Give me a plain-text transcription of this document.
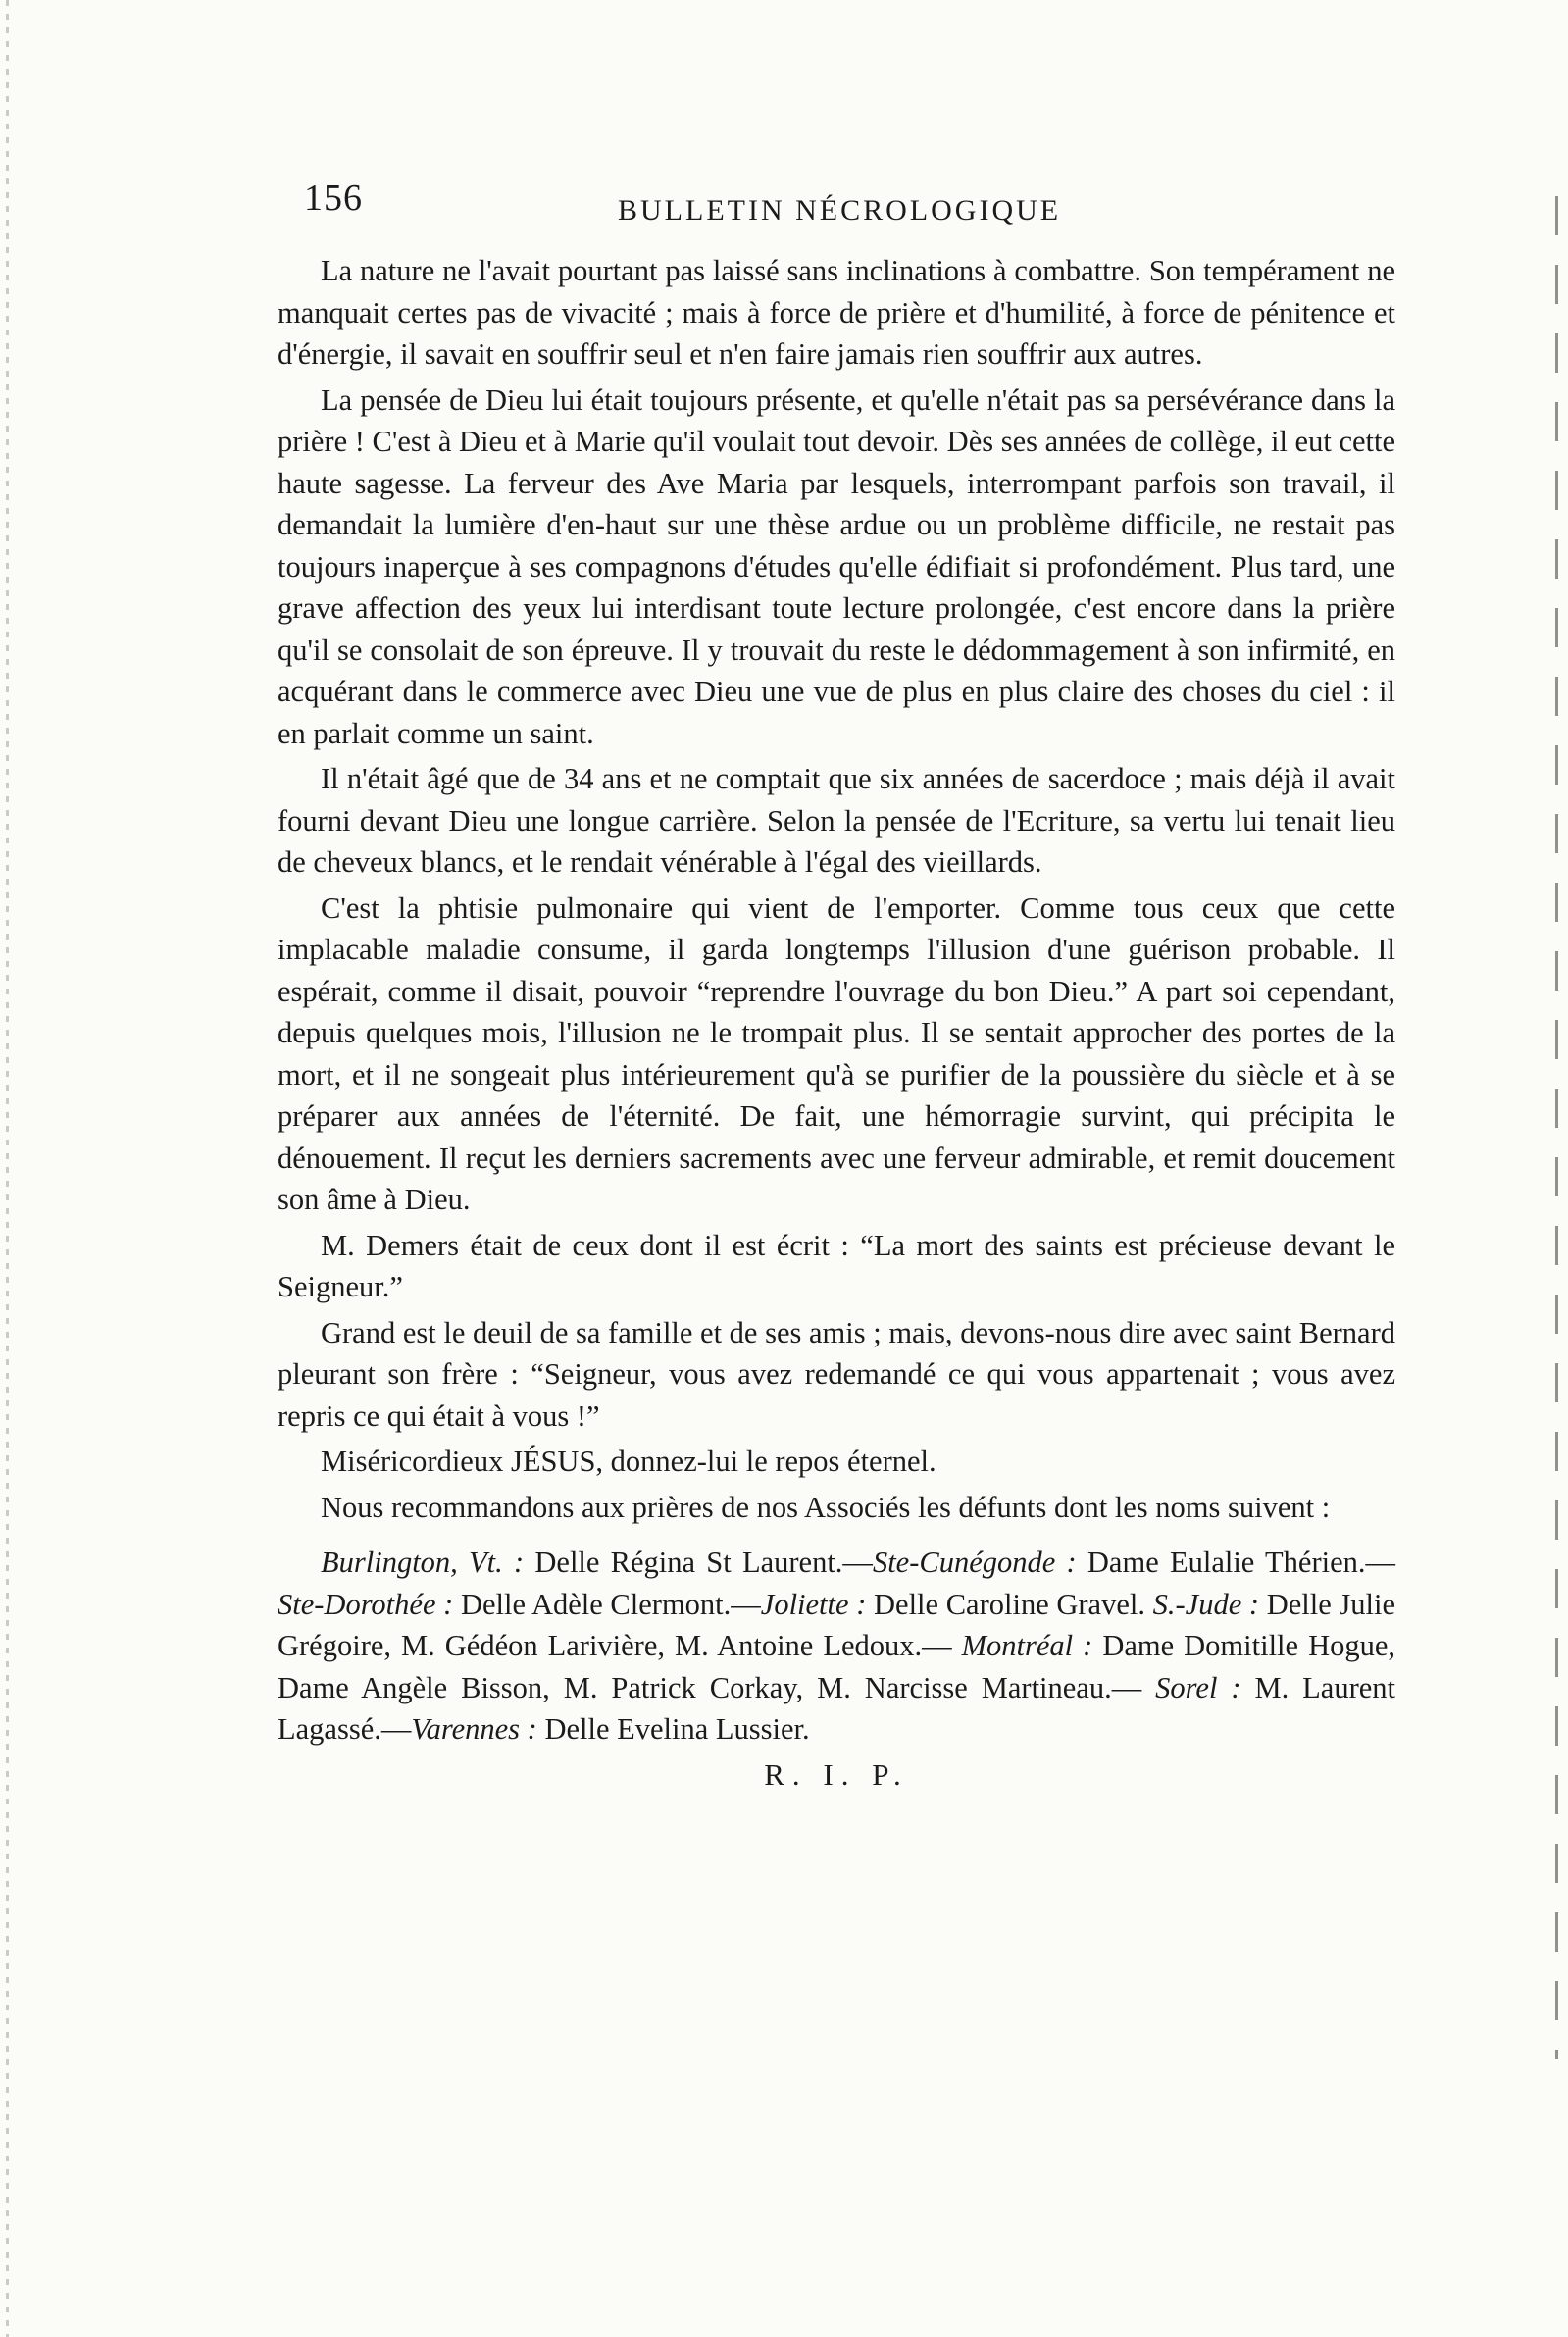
156	BULLETIN NÉCROLOGIQUE

La nature ne l'avait pourtant pas laissé sans inclinations à combattre. Son tempérament ne manquait certes pas de vivacité ; mais à force de prière et d'humilité, à force de pénitence et d'énergie, il savait en souffrir seul et n'en faire jamais rien souffrir aux autres.

La pensée de Dieu lui était toujours présente, et qu'elle n'était pas sa persévérance dans la prière ! C'est à Dieu et à Marie qu'il voulait tout devoir. Dès ses années de collège, il eut cette haute sagesse. La ferveur des Ave Maria par lesquels, interrompant parfois son travail, il demandait la lumière d'en-haut sur une thèse ardue ou un problème difficile, ne restait pas toujours inaperçue à ses compagnons d'études qu'elle édifiait si profondément. Plus tard, une grave affection des yeux lui interdisant toute lecture prolongée, c'est encore dans la prière qu'il se consolait de son épreuve. Il y trouvait du reste le dédommagement à son infirmité, en acquérant dans le commerce avec Dieu une vue de plus en plus claire des choses du ciel : il en parlait comme un saint.

Il n'était âgé que de 34 ans et ne comptait que six années de sacerdoce ; mais déjà il avait fourni devant Dieu une longue carrière. Selon la pensée de l'Ecriture, sa vertu lui tenait lieu de cheveux blancs, et le rendait vénérable à l'égal des vieillards.

C'est la phtisie pulmonaire qui vient de l'emporter. Comme tous ceux que cette implacable maladie consume, il garda longtemps l'illusion d'une guérison probable. Il espérait, comme il disait, pouvoir “reprendre l'ouvrage du bon Dieu.” A part soi cependant, depuis quelques mois, l'illusion ne le trompait plus. Il se sentait approcher des portes de la mort, et il ne songeait plus intérieurement qu'à se purifier de la poussière du siècle et à se préparer aux années de l'éternité. De fait, une hémorragie survint, qui précipita le dénouement. Il reçut les derniers sacrements avec une ferveur admirable, et remit doucement son âme à Dieu.

M. Demers était de ceux dont il est écrit : “La mort des saints est précieuse devant le Seigneur.”

Grand est le deuil de sa famille et de ses amis ; mais, devons-nous dire avec saint Bernard pleurant son frère : “Seigneur, vous avez redemandé ce qui vous appartenait ; vous avez repris ce qui était à vous !”

Miséricordieux JÉSUS, donnez-lui le repos éternel.

Nous recommandons aux prières de nos Associés les défunts dont les noms suivent :

Burlington, Vt. : Delle Régina St Laurent.—Ste-Cunégonde : Dame Eulalie Thérien.—Ste-Dorothée : Delle Adèle Clermont.—Joliette : Delle Caroline Gravel. S.-Jude : Delle Julie Grégoire, M. Gédéon Larivière, M. Antoine Ledoux.— Montréal : Dame Domitille Hogue, Dame Angèle Bisson, M. Patrick Corkay, M. Narcisse Martineau.— Sorel : M. Laurent Lagassé.—Varennes : Delle Evelina Lussier.

R. I. P.
